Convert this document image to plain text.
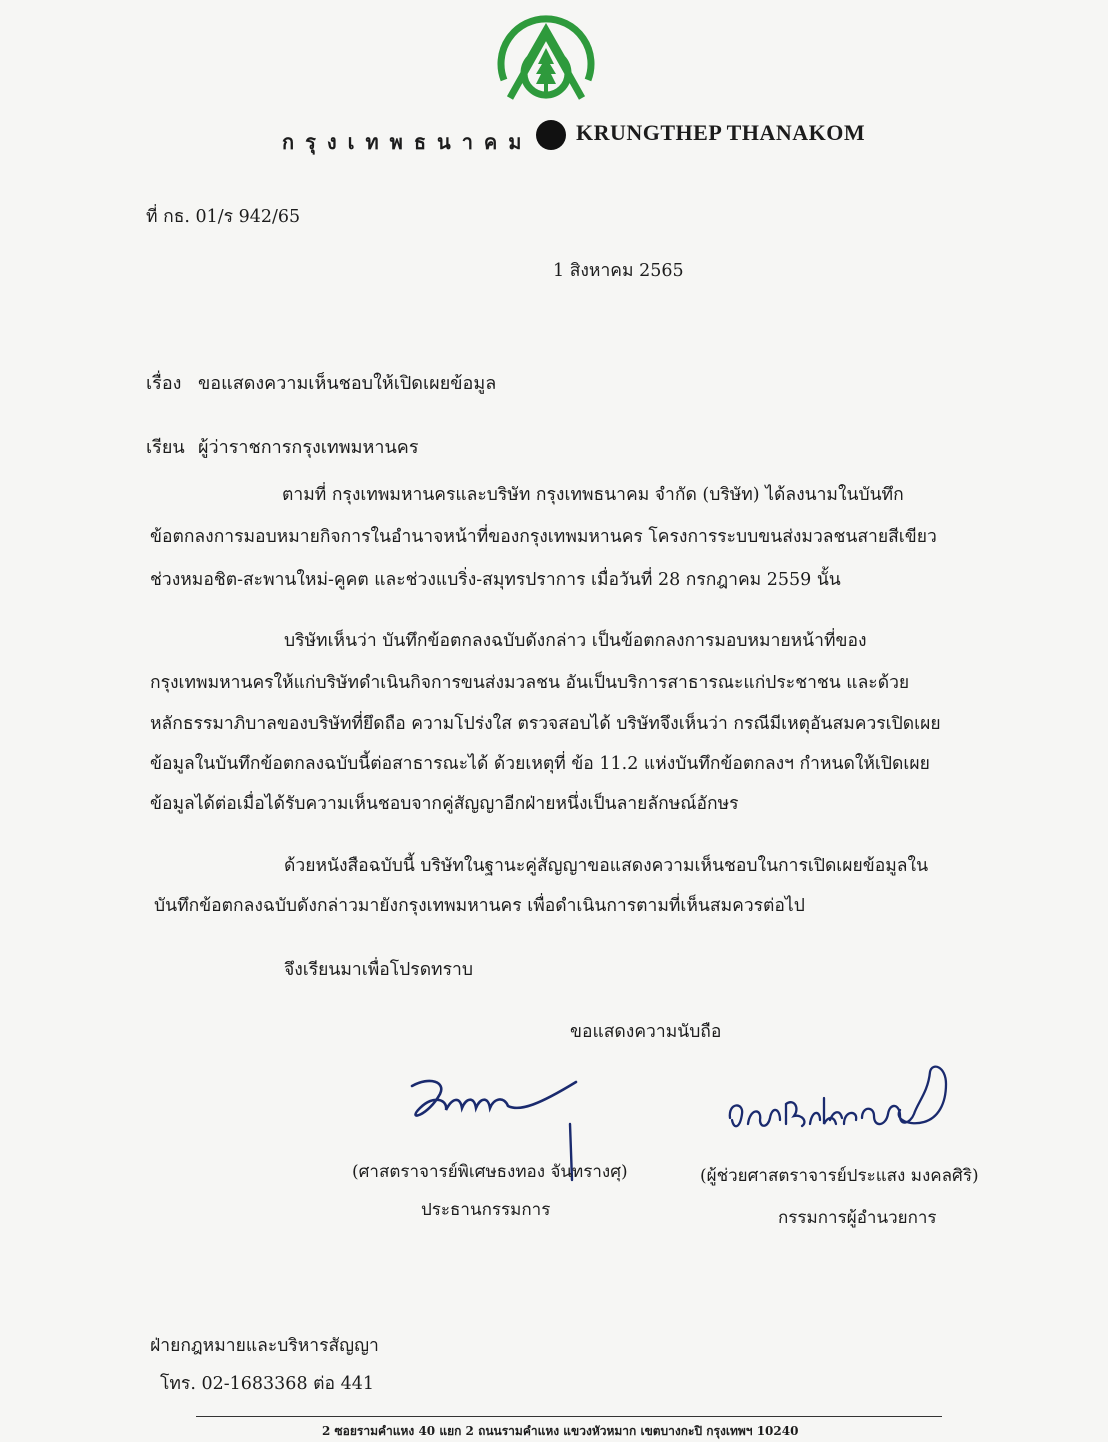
กรุงเทพธนาคม KRUNGTHEP THANAKOM
ที่ กธ. 01/ร 942/65
1 สิงหาคม 2565
เรื่อง ขอแสดงความเห็นชอบให้เปิดเผยข้อมูล
เรียน ผู้ว่าราชการกรุงเทพมหานคร
ตามที่ กรุงเทพมหานครและบริษัท กรุงเทพธนาคม จำกัด (บริษัท) ได้ลงนามในบันทึก
ข้อตกลงการมอบหมายกิจการในอำนาจหน้าที่ของกรุงเทพมหานคร โครงการระบบขนส่งมวลชนสายสีเขียว
ช่วงหมอชิต-สะพานใหม่-คูคต และช่วงแบริ่ง-สมุทรปราการ เมื่อวันที่ 28 กรกฎาคม 2559 นั้น
บริษัทเห็นว่า บันทึกข้อตกลงฉบับดังกล่าว เป็นข้อตกลงการมอบหมายหน้าที่ของ
กรุงเทพมหานครให้แก่บริษัทดำเนินกิจการขนส่งมวลชน อันเป็นบริการสาธารณะแก่ประชาชน และด้วย
หลักธรรมาภิบาลของบริษัทที่ยึดถือ ความโปร่งใส ตรวจสอบได้ บริษัทจึงเห็นว่า กรณีมีเหตุอันสมควรเปิดเผย
ข้อมูลในบันทึกข้อตกลงฉบับนี้ต่อสาธารณะได้ ด้วยเหตุที่ ข้อ 11.2 แห่งบันทึกข้อตกลงฯ กำหนดให้เปิดเผย
ข้อมูลได้ต่อเมื่อได้รับความเห็นชอบจากคู่สัญญาอีกฝ่ายหนึ่งเป็นลายลักษณ์อักษร
ด้วยหนังสือฉบับนี้ บริษัทในฐานะคู่สัญญาขอแสดงความเห็นชอบในการเปิดเผยข้อมูลใน
บันทึกข้อตกลงฉบับดังกล่าวมายังกรุงเทพมหานคร เพื่อดำเนินการตามที่เห็นสมควรต่อไป
จึงเรียนมาเพื่อโปรดทราบ
ขอแสดงความนับถือ
(ศาสตราจารย์พิเศษธงทอง จันทรางศุ)
ประธานกรรมการ
(ผู้ช่วยศาสตราจารย์ประแสง มงคลศิริ)
กรรมการผู้อำนวยการ
ฝ่ายกฎหมายและบริหารสัญญา
โทร. 02-1683368 ต่อ 441
2 ซอยรามคำแหง 40 แยก 2 ถนนรามคำแหง แขวงหัวหมาก เขตบางกะปิ กรุงเทพฯ 10240
